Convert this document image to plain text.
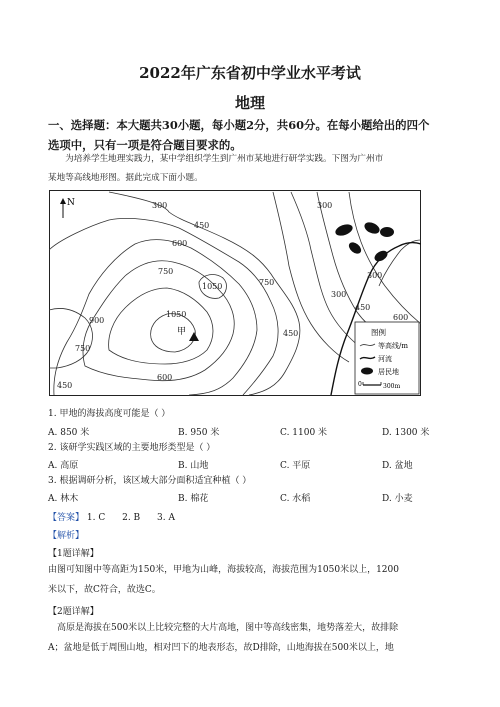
2022年广东省初中学业水平考试
地理
一、选择题：本大题共30小题，每小题2分，共60分。在每小题给出的四个
选项中，只有一项是符合题目要求的。
为培养学生地理实践力，某中学组织学生到广州市某地进行研学实践。下图为广州市
某地等高线地形图。据此完成下面小题。
N	300
450
600
750
1050
1050
750
900
750
600
450
450
300
300
300
450
600
甲	图例
等高线/m
河流
居民地
0	300m
1. 甲地的海拔高度可能是（ ）
A. 850 米	B. 950 米	C. 1100 米	D. 1300 米
2. 该研学实践区域的主要地形类型是（ ）
A. 高原	B. 山地	C. 平原	D. 盆地
3. 根据调研分析，该区域大部分面积适宜种植（ ）
A. 林木	B. 棉花	C. 水稻	D. 小麦
【答案】 1. C 2. B 3. A
【解析】
【1题详解】
由图可知图中等高距为150米，甲地为山峰，海拔较高，海拔范围为1050米以上，1200
米以下，故C符合，故选C。
【2题详解】
高原是海拔在500米以上比较完整的大片高地，图中等高线密集，地势落差大，故排除
A；盆地是低于周围山地，相对凹下的地表形态，故D排除，山地海拔在500米以上，地
